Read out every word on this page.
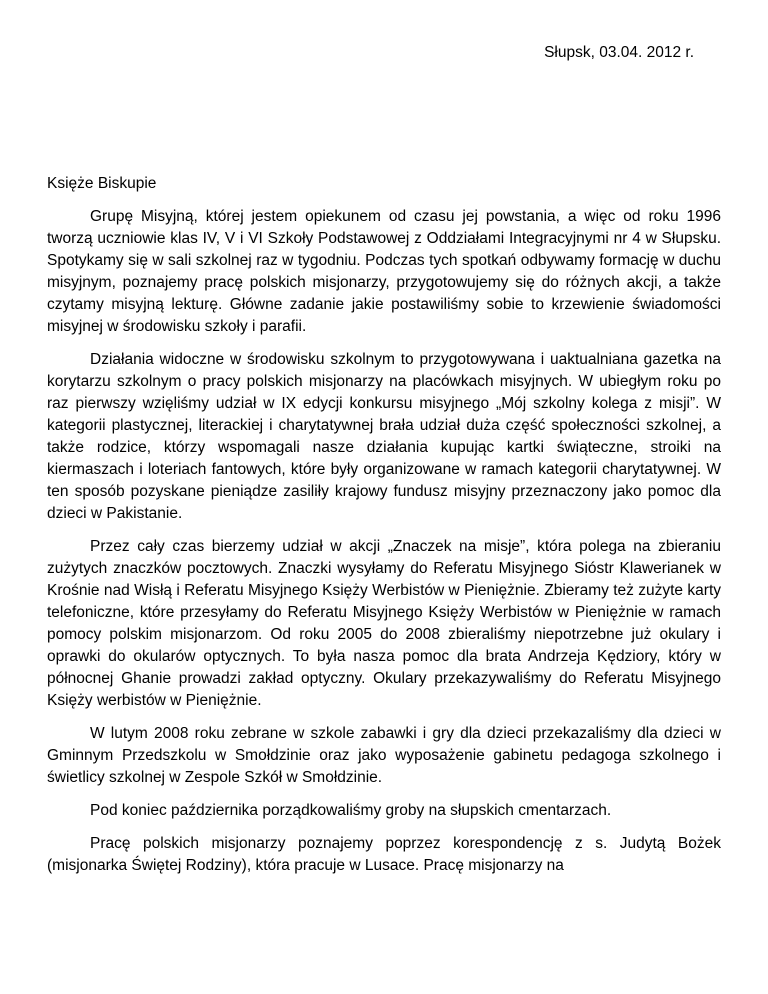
Słupsk, 03.04. 2012 r.
Księże Biskupie

Grupę Misyjną, której jestem opiekunem od czasu jej powstania, a więc od roku 1996 tworzą uczniowie klas IV, V i VI Szkoły Podstawowej z Oddziałami Integracyjnymi nr 4 w Słupsku. Spotykamy się w sali szkolnej raz w tygodniu. Podczas tych spotkań odbywamy formację w duchu misyjnym, poznajemy pracę polskich misjonarzy, przygotowujemy się do różnych akcji, a także czytamy misyjną lekturę. Główne zadanie jakie postawiliśmy sobie to krzewienie świadomości misyjnej w środowisku szkoły i parafii.

Działania widoczne w środowisku szkolnym to przygotowywana i uaktualniana gazetka na korytarzu szkolnym o pracy polskich misjonarzy na placówkach misyjnych. W ubiegłym roku po raz pierwszy wzięliśmy udział w IX edycji konkursu misyjnego „Mój szkolny kolega z misji”. W kategorii plastycznej, literackiej i charytatywnej brała udział duża część społeczności szkolnej, a także rodzice, którzy wspomagali nasze działania kupując kartki świąteczne, stroiki na kiermaszach i loteriach fantowych, które były organizowane w ramach kategorii charytatywnej. W ten sposób pozyskane pieniądze zasiliły krajowy fundusz misyjny przeznaczony jako pomoc dla dzieci w Pakistanie.

Przez cały czas bierzemy udział w akcji „Znaczek na misje”, która polega na zbieraniu zużytych znaczków pocztowych. Znaczki wysyłamy do Referatu Misyjnego Sióstr Klawerianek w Krośnie nad Wisłą i Referatu Misyjnego Księży Werbistów w Pieniężnie. Zbieramy też zużyte karty telefoniczne, które przesyłamy do Referatu Misyjnego Księży Werbistów w Pieniężnie w ramach pomocy polskim misjonarzom. Od roku 2005 do 2008 zbieraliśmy niepotrzebne już okulary i oprawki do okularów optycznych. To była nasza pomoc dla brata Andrzeja Kędziory, który w północnej Ghanie prowadzi zakład optyczny. Okulary przekazywaliśmy do Referatu Misyjnego Księży werbistów w Pieniężnie.

W lutym 2008 roku zebrane w szkole zabawki i gry dla dzieci przekazaliśmy dla dzieci w Gminnym Przedszkolu w Smołdzinie oraz jako wyposażenie gabinetu pedagoga szkolnego i świetlicy szkolnej w Zespole Szkół w Smołdzinie.

Pod koniec października porządkowaliśmy groby na słupskich cmentarzach.

Pracę polskich misjonarzy poznajemy poprzez korespondencję z s. Judytą Bożek (misjonarka Świętej Rodziny), która pracuje w Lusace. Pracę misjonarzy na
